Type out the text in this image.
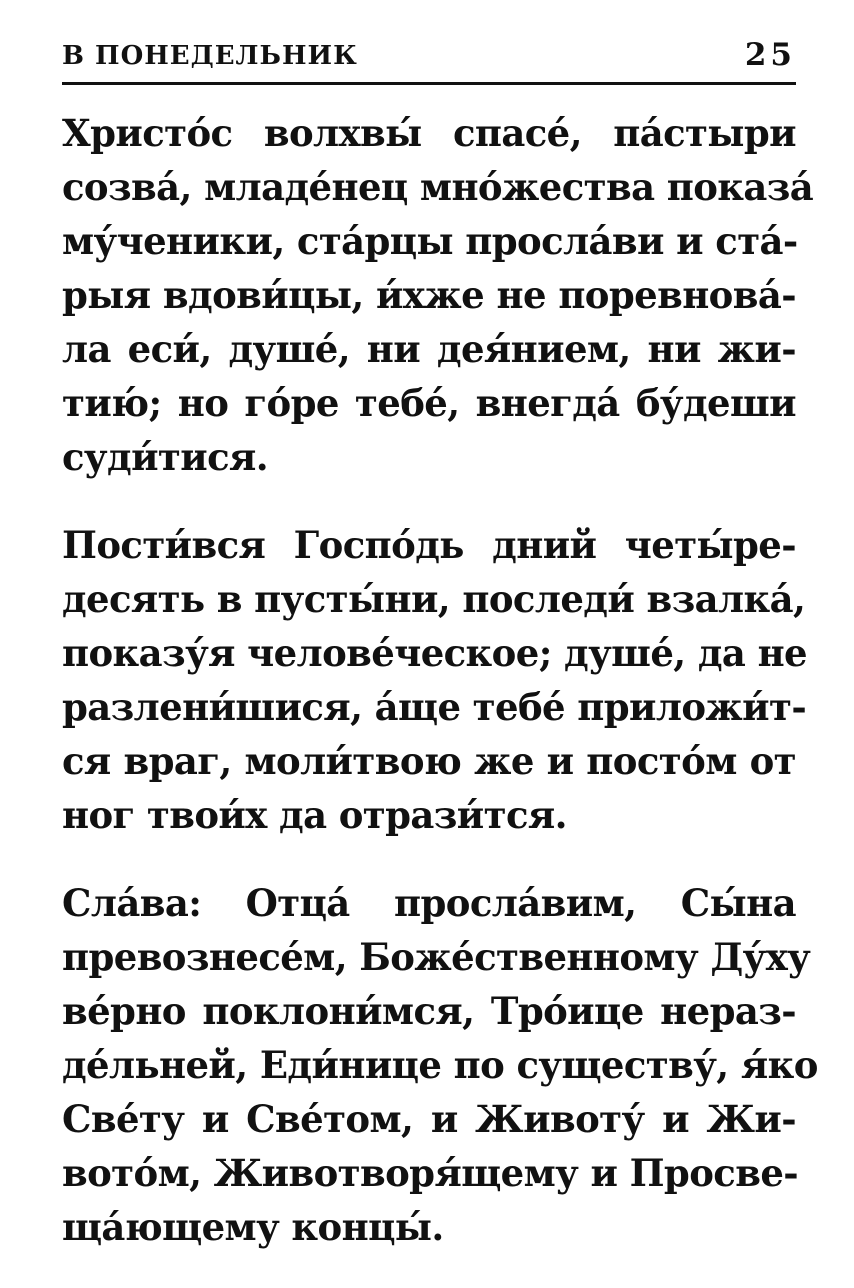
В ПОНЕДЕЛЬНИК	25
Христо́с волхвы́ спасе́, па́стыри
созва́, младе́нец мно́жества показа́
му́ченики, ста́рцы просла́ви и ста́-
рыя вдови́цы, и́хже не поревнова́-
ла еси́, душе́, ни дея́нием, ни жи-
тию́; но го́ре тебе́, внегда́ бу́деши
суди́тися.
Пости́вся Госпо́дь дний четы́ре-
десять в пусты́ни, последи́ взалка́,
показу́я челове́ческое; душе́, да не
разлени́шися, а́ще тебе́ приложи́т-
ся враг, моли́твою же и посто́м от
ног твои́х да отрази́тся.
Сла́ва: Отца́ просла́вим, Сы́на
превознесе́м, Боже́ственному Ду́ху
ве́рно поклони́мся, Тро́ице нераз-
де́льней, Еди́нице по существу́, я́ко
Све́ту и Све́том, и Животу́ и Жи-
вото́м, Животворя́щему и Просве-
ща́ющему концы́.
